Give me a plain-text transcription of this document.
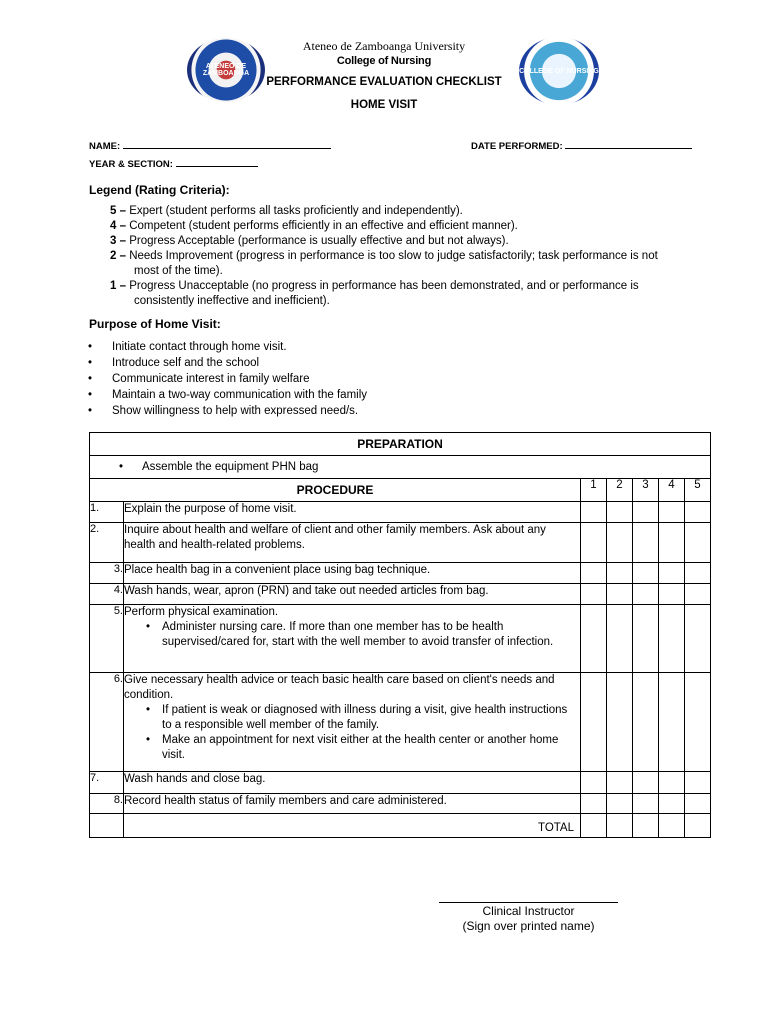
ATENEO DE ZAMBOANGA	COLLEGE OF NURSING
Ateneo de Zamboanga University
College of Nursing
PERFORMANCE EVALUATION CHECKLIST
HOME VISIT
NAME:	DATE PERFORMED:
YEAR & SECTION:
Legend (Rating Criteria):
5 – Expert (student performs all tasks proficiently and independently).
4 – Competent (student performs efficiently in an effective and efficient manner).
3 – Progress Acceptable (performance is usually effective and but not always).
2 – Needs Improvement (progress in performance is too slow to judge satisfactorily; task performance is not
most of the time).
1 – Progress Unacceptable (no progress in performance has been demonstrated, and or performance is
consistently ineffective and inefficient).
Purpose of Home Visit:
• Initiate contact through home visit.
• Introduce self and the school
• Communicate interest in family welfare
• Maintain a two-way communication with the family
• Show willingness to help with expressed need/s.
PREPARATION						

• Assemble the equipment PHN bag						
PROCEDURE		1	2	3	4	5
1.	Explain the purpose of home visit.					
2.	Inquire about health and welfare of client and other family members. Ask about any health and health-related problems.					
3.	Place health bag in a convenient place using bag technique.					
4.	Wash hands, wear, apron (PRN) and take out needed articles from bag.					
5.	Perform physical examination.
• Administer nursing care. If more than one member has to be health supervised/cared for, start with the well member to avoid transfer of infection.

6.	Give necessary health advice or teach basic health care based on client's needs and condition.
• If patient is weak or diagnosed with illness during a visit, give health instructions to a responsible well member of the family.
• Make an appointment for next visit either at the health center or another home visit.

7.	Wash hands and close bag.					
8.	Record health status of family members and care administered.					
	TOTAL					
Clinical Instructor
(Sign over printed name)
